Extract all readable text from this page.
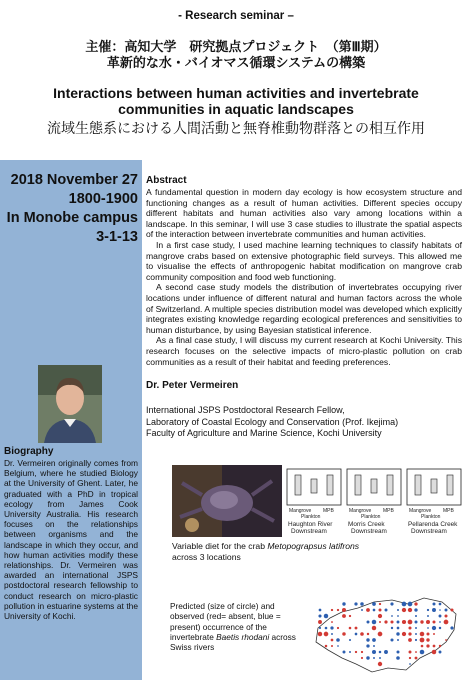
- Research seminar –
主催：高知大学　研究拠点プロジェクト　（第Ⅲ期）
革新的な水・バイオマス循環システムの構築
Interactions between human activities and invertebrate communities in aquatic landscapes
流域生態系における人間活動と無脊椎動物群落との相互作用
2018 November 27
1800-1900
In Monobe campus
3-1-13
Abstract

A fundamental question in modern day ecology is how ecosystem structure and functioning changes as a result of human activities. Different species occupy different habitats and human activities also vary among locations within a landscape. In this seminar, I will use 3 case studies to illustrate the spatial aspects of the interaction between invertebrate communities and human activities.

In a first case study, I used machine learning techniques to classify habitats of mangrove crabs based on extensive photographic field surveys. This allowed me to visualise the effects of anthropogenic habitat modification on mangrove crab community composition and food web functioning.

A second case study models the distribution of invertebrates occupying river locations under influence of different natural and human factors across the whole of Switzerland. A multiple species distribution model was developed which explicitly integrates existing knowledge regarding ecological preferences and sensitivities to human disturbance, by using Bayesian statistical inference.

As a final case study, I will discuss my current research at Kochi University. This research focuses on the selective impacts of micro-plastic pollution on crab communities as a result of their habitat and feeding preferences.

Dr. Peter Vermeiren
International JSPS Postdoctoral Research Fellow,
Laboratory of Coastal Ecology and Conservation (Prof. Ikejima)
Faculty of Agriculture and Marine Science, Kochi University
Biography
Dr. Vermeiren originally comes from Belgium, where he studied Biology at the University of Ghent. Later, he graduated with a PhD in tropical ecology from James Cook University Australia. His research focuses on the relationships between organisms and the landscape in which they occur, and how human activities modify these relationships. Dr. Vermeiren was awarded an international JSPS postdoctoral research fellowship to conduct research on micro-plastic pollution in estuarine systems at the University of Kochi.
Mangrove MPB
Plankton
Haughton River
Downstream
Mangrove MPB
Plankton
Morris Creek
Downstream
Mangrove MPB
Plankton
Pellarenda Creek
Downstream
Variable diet for the crab Metopograpsus latifrons
across 3 locations
Predicted (size of circle) and observed (red= absent, blue = present) occurrence of the invertebrate Baetis rhodani across Swiss rivers
